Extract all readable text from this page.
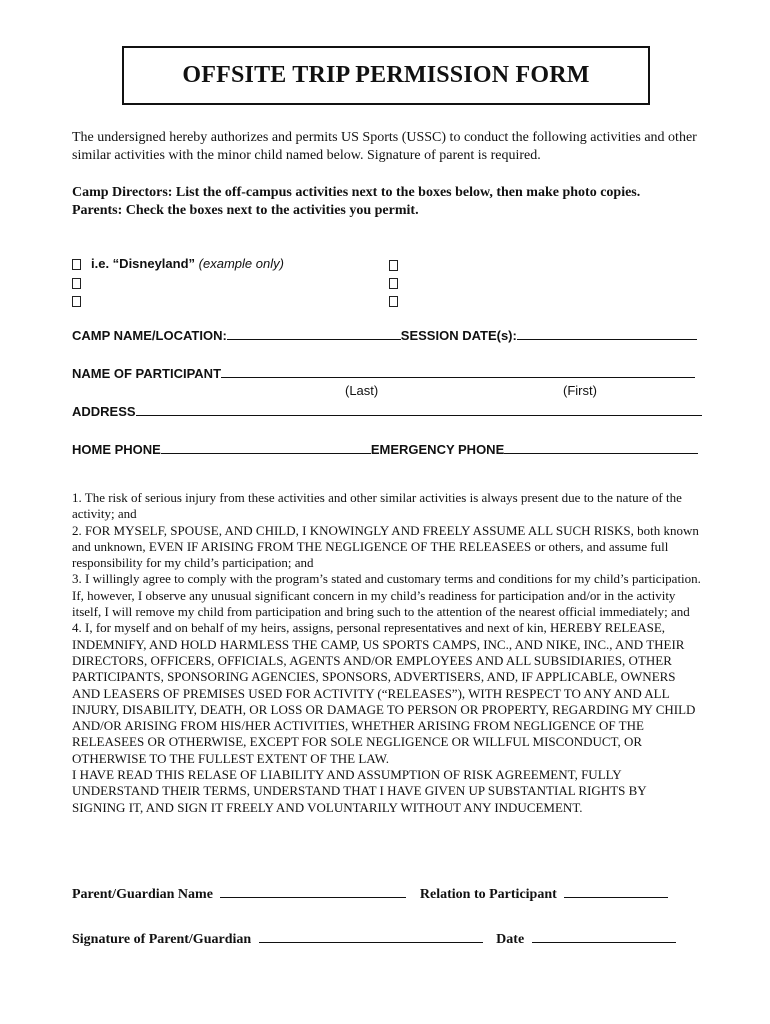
OFFSITE TRIP PERMISSION FORM
The undersigned hereby authorizes and permits US Sports (USSC) to conduct the following activities and other similar activities with the minor child named below. Signature of parent is required.
Camp Directors: List the off-campus activities next to the boxes below, then make photo copies.
Parents: Check the boxes next to the activities you permit.
i.e. “Disneyland” (example only)
CAMP NAME/LOCATION:	SESSION DATE(s):
NAME OF PARTICIPANT
(Last)	(First)
ADDRESS
HOME PHONE	EMERGENCY PHONE

1. The risk of serious injury from these activities and other similar activities is always present due to the nature of the activity; and

2. FOR MYSELF, SPOUSE, AND CHILD, I KNOWINGLY AND FREELY ASSUME ALL SUCH RISKS, both known and unknown, EVEN IF ARISING FROM THE NEGLIGENCE OF THE RELEASEES or others, and assume full responsibility for my child’s participation; and

3. I willingly agree to comply with the program’s stated and customary terms and conditions for my child’s participation. If, however, I observe any unusual significant concern in my child’s readiness for participation and/or in the activity itself, I will remove my child from participation and bring such to the attention of the nearest official immediately; and

4. I, for myself and on behalf of my heirs, assigns, personal representatives and next of kin, HEREBY RELEASE, INDEMNIFY, AND HOLD HARMLESS THE CAMP, US SPORTS CAMPS, INC., AND NIKE, INC., AND THEIR DIRECTORS, OFFICERS, OFFICIALS, AGENTS AND/OR EMPLOYEES AND ALL SUBSIDIARIES, OTHER PARTICIPANTS, SPONSORING AGENCIES, SPONSORS, ADVERTISERS, AND, IF APPLICABLE, OWNERS AND LEASERS OF PREMISES USED FOR ACTIVITY (“RELEASES”), WITH RESPECT TO ANY AND ALL INJURY, DISABILITY, DEATH, OR LOSS OR DAMAGE TO PERSON OR PROPERTY, REGARDING MY CHILD AND/OR ARISING FROM HIS/HER ACTIVITIES, WHETHER ARISING FROM NEGLIGENCE OF THE RELEASEES OR OTHERWISE, EXCEPT FOR SOLE NEGLIGENCE OR WILLFUL MISCONDUCT, OR OTHERWISE TO THE FULLEST EXTENT OF THE LAW.

I HAVE READ THIS RELASE OF LIABILITY AND ASSUMPTION OF RISK AGREEMENT, FULLY UNDERSTAND THEIR TERMS, UNDERSTAND THAT I HAVE GIVEN UP SUBSTANTIAL RIGHTS BY SIGNING IT, AND SIGN IT FREELY AND VOLUNTARILY WITHOUT ANY INDUCEMENT.

Parent/Guardian Name	Relation to Participant
Signature of Parent/Guardian	Date
